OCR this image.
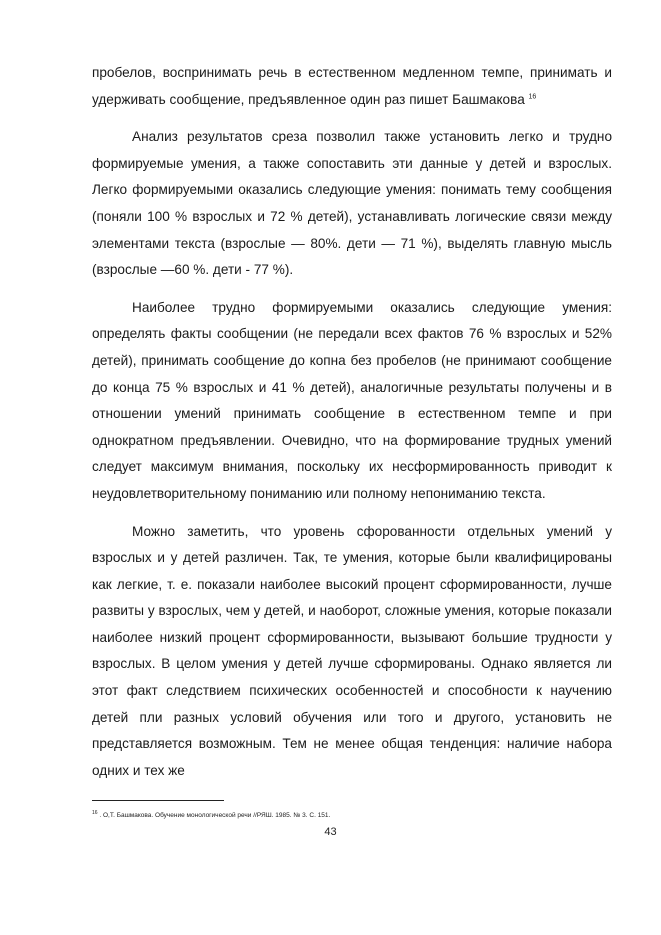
пробелов, воспринимать речь в естественном медленном темпе, принимать и удерживать сообщение, предъявленное один раз пишет Башмакова $^{16}$

Анализ результатов среза позволил также установить легко и трудно формируемые умения, а также сопоставить эти данные у детей и взрослых. Легко формируемыми оказались следующие умения: понимать тему сообщения (поняли 100 % взрослых и 72 % детей), устанавливать логические связи между элементами текста (взрослые — 80%. дети — 71 %), выделять главную мысль (взрослые —60 %. дети - 77 %).

Наиболее трудно формируемыми оказались следующие умения: определять факты сообщении (не передали всех фактов 76 % взрослых и 52% детей), принимать сообщение до копна без пробелов (не принимают сообщение до конца 75 % взрослых и 41 % детей), аналогичные результаты получены и в отношении умений принимать сообщение в естественном темпе и при однократном предъявлении. Очевидно, что на формирование трудных умений следует максимум внимания, поскольку их несформированность приводит к неудовлетворительному пониманию или полному непониманию текста.

Можно заметить, что уровень сфорованности отдельных умений у взрослых и у детей различен. Так, те умения, которые были квалифицированы как легкие, т. е. показали наиболее высокий процент сформированности, лучше развиты у взрослых, чем у детей, и наоборот, сложные умения, которые показали наиболее низкий процент сформированности, вызывают большие трудности у взрослых. В целом умения у детей лучше сформированы. Однако является ли этот факт следствием психических особенностей и способности к научению детей пли разных условий обучения или того и другого, установить не представляется возможным. Тем не менее общая тенденция: наличие набора одних и тех же

$^{16}$ . О,Т. Башмакова. Обучение монологической речи //РЯШ. 1985. № 3. С. 151.
43
